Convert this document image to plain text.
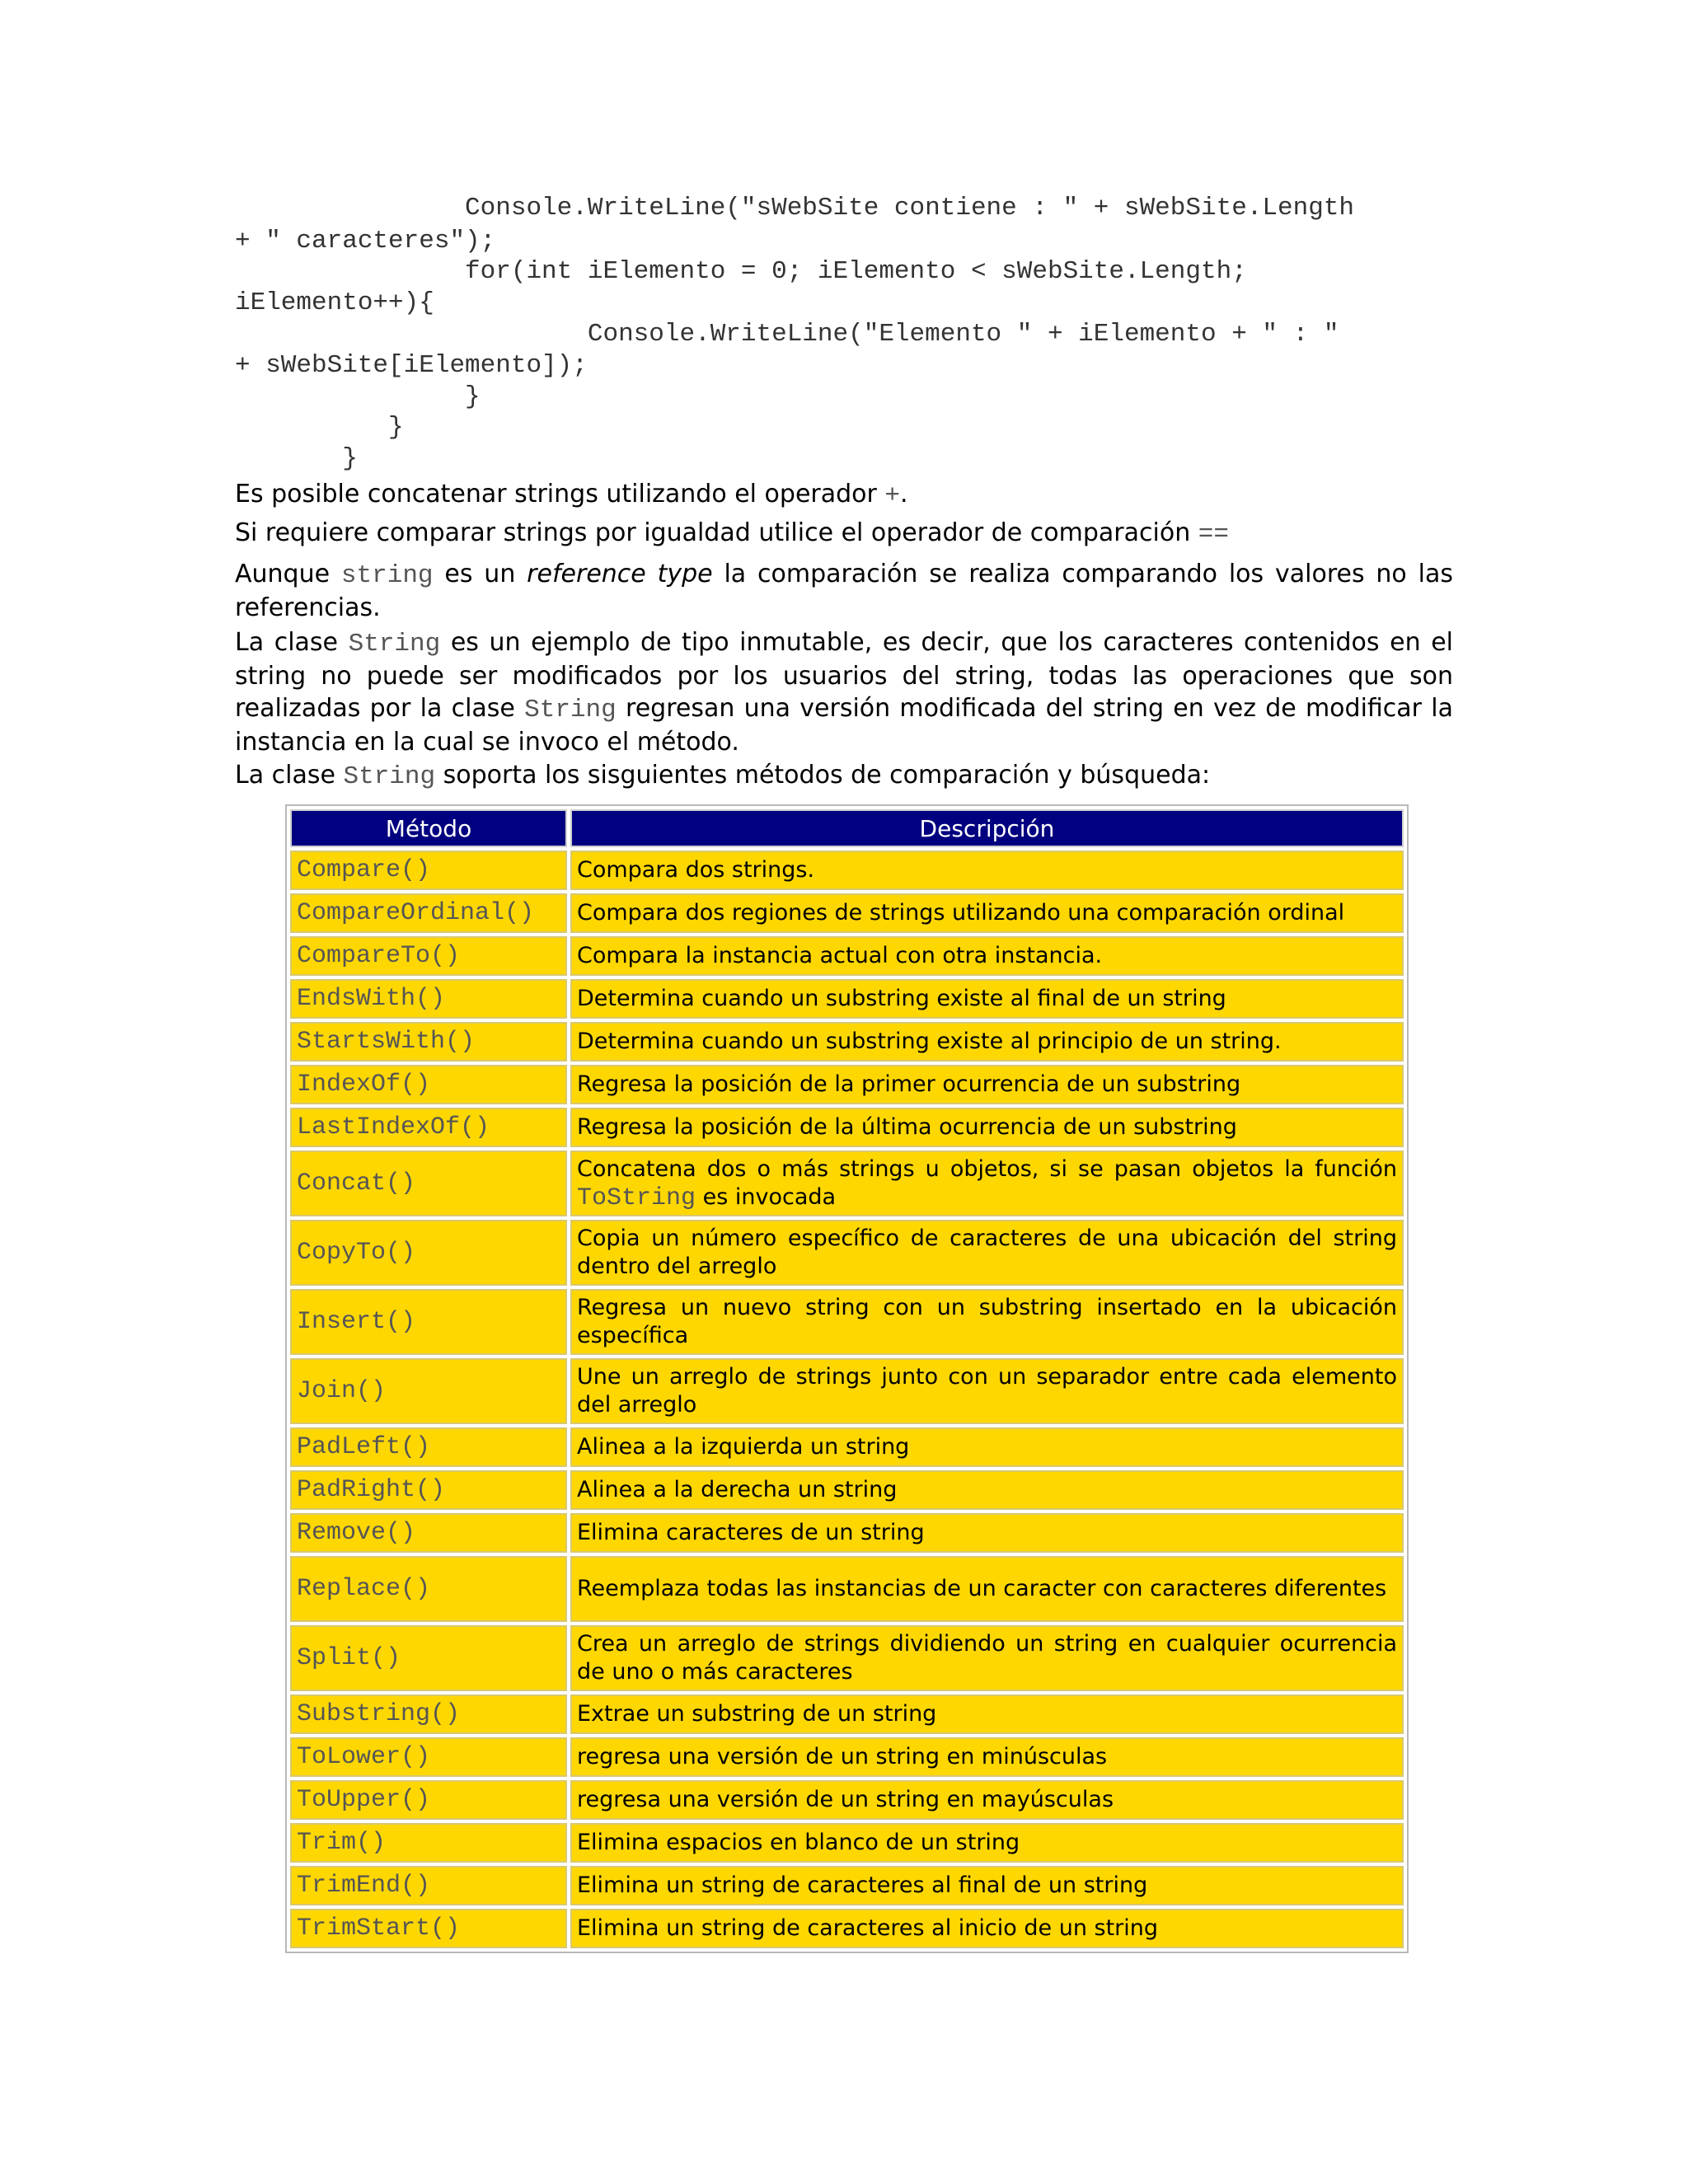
Console.WriteLine("sWebSite contiene : " + sWebSite.Length
+ " caracteres");
for(int iElemento = 0; iElemento < sWebSite.Length;
iElemento++){
Console.WriteLine("Elemento " + iElemento + " : "
+ sWebSite[iElemento]);
}
}
}
Es posible concatenar strings utilizando el operador +.
Si requiere comparar strings por igualdad utilice el operador de comparación ==
Aunque string es un reference type la comparación se realiza comparando los valores no las referencias.
La clase String es un ejemplo de tipo inmutable, es decir, que los caracteres contenidos en el string no puede ser modificados por los usuarios del string, todas las operaciones que son realizadas por la clase String regresan una versión modificada del string en vez de modificar la instancia en la cual se invoco el método.
La clase String soporta los sisguientes métodos de comparación y búsqueda:
Método	Descripción
Compare()	Compara dos strings.
CompareOrdinal()	Compara dos regiones de strings utilizando una comparación ordinal
CompareTo()	Compara la instancia actual con otra instancia.
EndsWith()	Determina cuando un substring existe al final de un string
StartsWith()	Determina cuando un substring existe al principio de un string.
IndexOf()	Regresa la posición de la primer ocurrencia de un substring
LastIndexOf()	Regresa la posición de la última ocurrencia de un substring
Concat()	Concatena dos o más strings u objetos, si se pasan objetos la función ToString es invocada
CopyTo()	Copia un número específico de caracteres de una ubicación del string dentro del arreglo
Insert()	Regresa un nuevo string con un substring insertado en la ubicación específica
Join()	Une un arreglo de strings junto con un separador entre cada elemento del arreglo
PadLeft()	Alinea a la izquierda un string
PadRight()	Alinea a la derecha un string
Remove()	Elimina caracteres de un string
Replace()	Reemplaza todas las instancias de un caracter con caracteres diferentes
Split()	Crea un arreglo de strings dividiendo un string en cualquier ocurrencia de uno o más caracteres
Substring()	Extrae un substring de un string
ToLower()	regresa una versión de un string en minúsculas
ToUpper()	regresa una versión de un string en mayúsculas
Trim()	Elimina espacios en blanco de un string
TrimEnd()	Elimina un string de caracteres al final de un string
TrimStart()	Elimina un string de caracteres al inicio de un string
